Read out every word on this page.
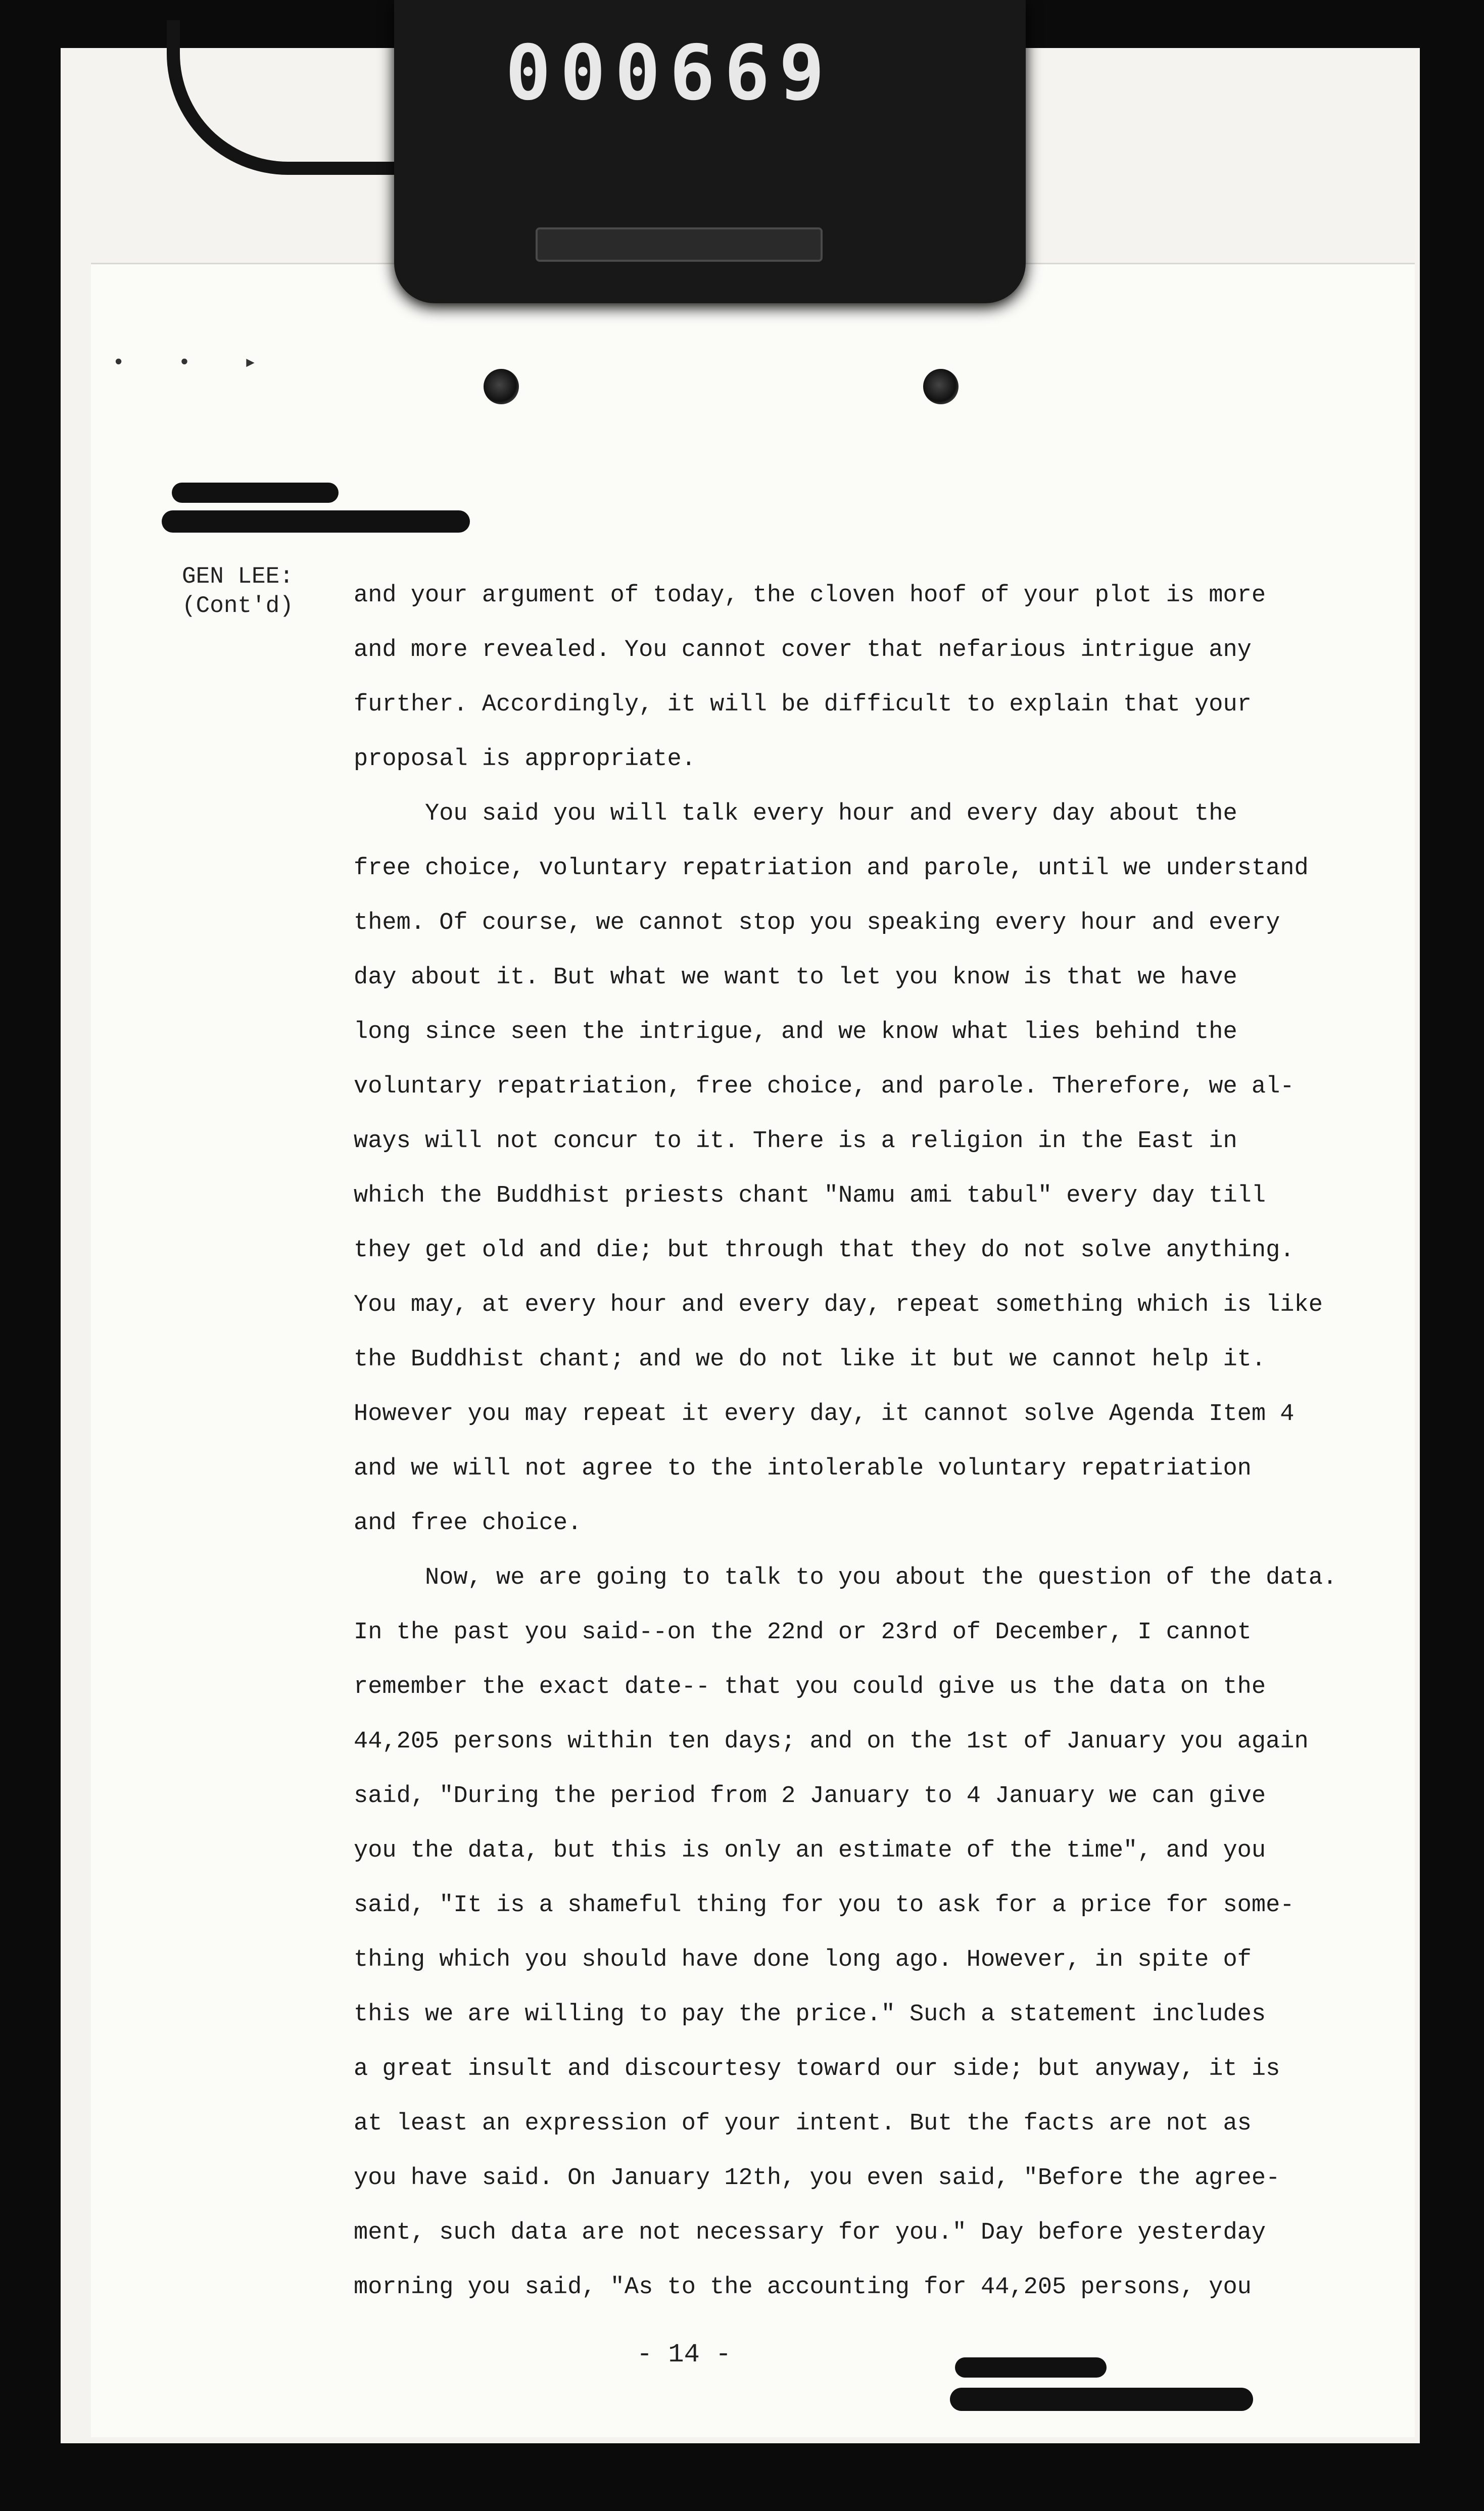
000669
• • ▸
GEN LEE:
(Cont'd)	and your argument of today, the cloven hoof of your plot is more
and more revealed. You cannot cover that nefarious intrigue any
further. Accordingly, it will be difficult to explain that your
proposal is appropriate.
You said you will talk every hour and every day about the
free choice, voluntary repatriation and parole, until we understand
them. Of course, we cannot stop you speaking every hour and every
day about it. But what we want to let you know is that we have
long since seen the intrigue, and we know what lies behind the
voluntary repatriation, free choice, and parole. Therefore, we al-
ways will not concur to it. There is a religion in the East in
which the Buddhist priests chant "Namu ami tabul" every day till
they get old and die; but through that they do not solve anything.
You may, at every hour and every day, repeat something which is like
the Buddhist chant; and we do not like it but we cannot help it.
However you may repeat it every day, it cannot solve Agenda Item 4
and we will not agree to the intolerable voluntary repatriation
and free choice.
Now, we are going to talk to you about the question of the data.
In the past you said--on the 22nd or 23rd of December, I cannot
remember the exact date-- that you could give us the data on the
44,205 persons within ten days; and on the 1st of January you again
said, "During the period from 2 January to 4 January we can give
you the data, but this is only an estimate of the time", and you
said, "It is a shameful thing for you to ask for a price for some-
thing which you should have done long ago. However, in spite of
this we are willing to pay the price." Such a statement includes
a great insult and discourtesy toward our side; but anyway, it is
at least an expression of your intent. But the facts are not as
you have said. On January 12th, you even said, "Before the agree-
ment, such data are not necessary for you." Day before yesterday
morning you said, "As to the accounting for 44,205 persons, you
- 14 -
